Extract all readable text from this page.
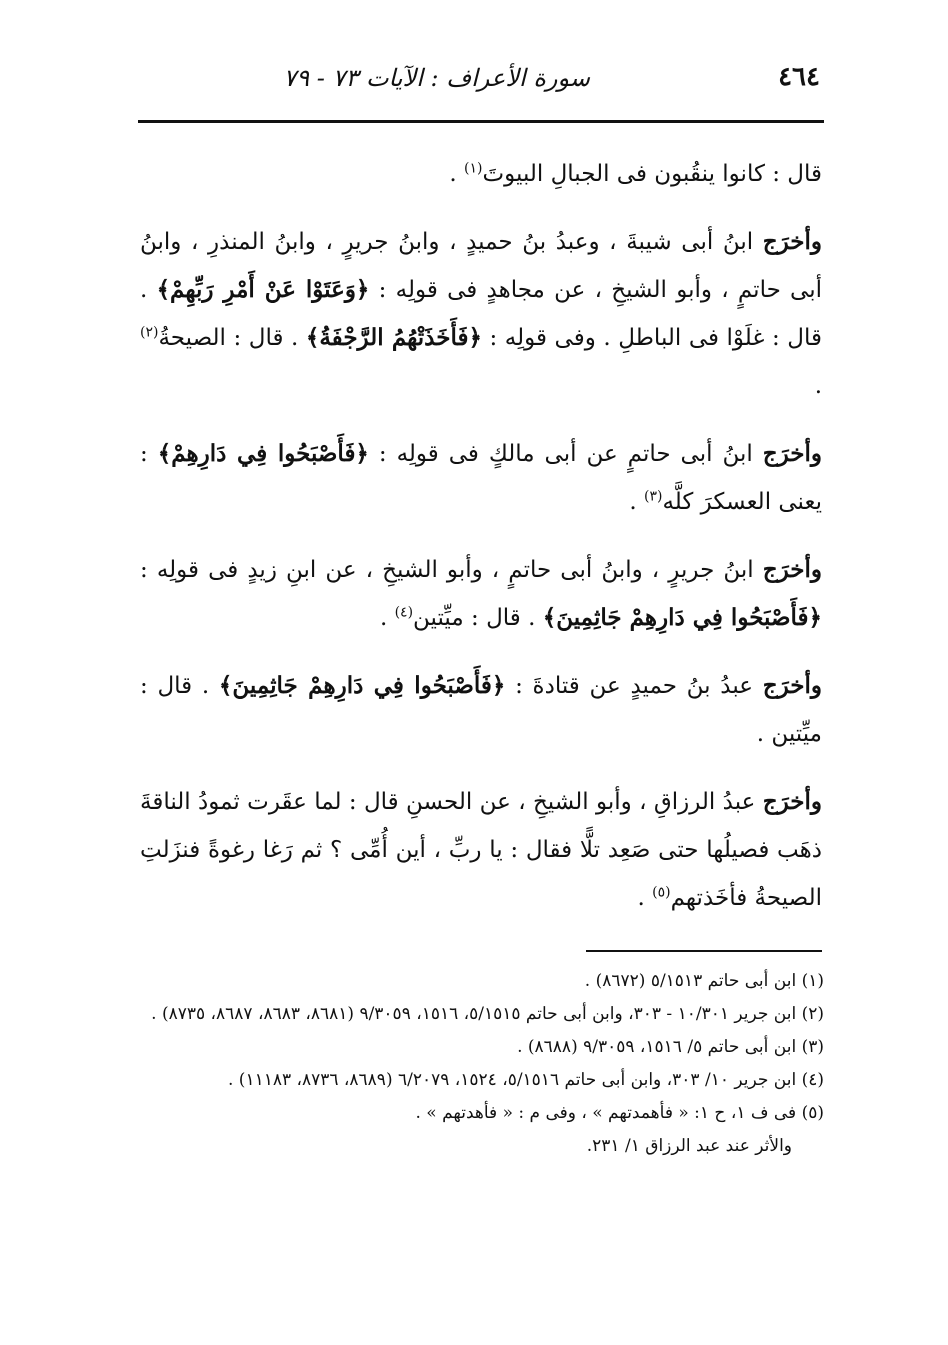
٤٦٤
سورة الأعراف : الآيات ٧٣ - ٧٩

قال : كانوا ينقُبون فى الجبالِ البيوتَ$^{(١)}$ .

وأخرَج ابنُ أبى شيبةَ ، وعبدُ بنُ حميدٍ ، وابنُ جريرٍ ، وابنُ المنذرِ ، وابنُ أبى حاتمٍ ، وأبو الشيخِ ، عن مجاهدٍ فى قولِه : ﴿وَعَتَوْا عَنْ أَمْرِ رَبِّهِمْ﴾ . قال : غلَوْا فى الباطلِ . وفى قولِه : ﴿فَأَخَذَتْهُمُ الرَّجْفَةُ﴾ . قال : الصيحةُ$^{(٢)}$ .

وأخرَج ابنُ أبى حاتمٍ عن أبى مالكٍ فى قولِه : ﴿فَأَصْبَحُوا فِي دَارِهِمْ﴾ : يعنى العسكرَ كلَّه$^{(٣)}$ .

وأخرَج ابنُ جريرٍ ، وابنُ أبى حاتمٍ ، وأبو الشيخِ ، عن ابنِ زيدٍ فى قولِه : ﴿فَأَصْبَحُوا فِي دَارِهِمْ جَاثِمِينَ﴾ . قال : ميِّتين$^{(٤)}$ .

وأخرَج عبدُ بنُ حميدٍ عن قتادةَ : ﴿فَأَصْبَحُوا فِي دَارِهِمْ جَاثِمِينَ﴾ . قال : ميِّتين .

وأخرَج عبدُ الرزاقِ ، وأبو الشيخِ ، عن الحسنِ قال : لما عقَرت ثمودُ الناقةَ ذهَب فصيلُها حتى صَعِد تلًّا فقال : يا ربِّ ، أين أُمِّى ؟ ثم رَغا رغوةً فنزَلتِ الصيحةُ فأخَذتهم$^{(٥)}$ .

(١) ابن أبى حاتم ٥/١٥١٣ (٨٦٧٢) .

(٢) ابن جرير ١٠/٣٠١ - ٣٠٣، وابن أبى حاتم ٥/١٥١٥، ١٥١٦، ٩/٣٠٥٩ (٨٦٨١، ٨٦٨٣، ٨٦٨٧، ٨٧٣٥) .

(٣) ابن أبى حاتم ٥/ ١٥١٦، ٩/٣٠٥٩ (٨٦٨٨) .

(٤) ابن جرير ١٠/ ٣٠٣، وابن أبى حاتم ٥/١٥١٦، ١٥٢٤، ٦/٢٠٧٩ (٨٦٨٩، ٨٧٣٦، ١١١٨٣) .

(٥) فى ف ١، ح ١: « فأهمدتهم » ، وفى م : « فأهدتهم » .

والأثر عند عبد الرزاق ١/ ٢٣١.
